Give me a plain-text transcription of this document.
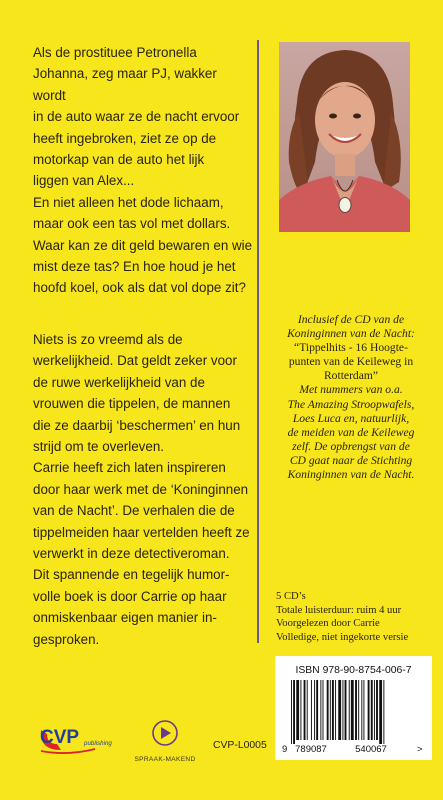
Als de prostituee Petronella

Johanna, zeg maar PJ, wakker wordt

in de auto waar ze de nacht ervoor

heeft ingebroken, ziet ze op de

motorkap van de auto het lijk

liggen van Alex...

En niet alleen het dode lichaam,

maar ook een tas vol met dollars.

Waar kan ze dit geld bewaren en wie

mist deze tas? En hoe houd je het

hoofd koel, ook als dat vol dope zit?

Niets is zo vreemd als de

werkelijkheid. Dat geldt zeker voor

de ruwe werkelijkheid van de

vrouwen die tippelen, de mannen

die ze daarbij ‘beschermen’ en hun

strijd om te overleven.

Carrie heeft zich laten inspireren

door haar werk met de ‘Koninginnen

van de Nacht’. De verhalen die de

tippelmeiden haar vertelden heeft ze

verwerkt in deze detectiveroman.

Dit spannende en tegelijk humor-

volle boek is door Carrie op haar

onmiskenbaar eigen manier in-

gesproken.

Inclusief de CD van de
Koninginnen van de Nacht:
“Tippelhits - 16 Hoogte-
punten van de Keileweg in
Rotterdam”
Met nummers van o.a.
The Amazing Stroopwafels,
Loes Luca en, natuurlijk,
de meiden van de Keileweg
zelf. De opbrengst van de
CD gaat naar de Stichting
Koninginnen van de Nacht.
5 CD’s
Totale luisterduur: ruim 4 uur
Voorgelezen door Carrie
Volledige, niet ingekorte versie
ISBN 978-90-8754-006-7
9 789087	540067	>
CVP publishing
SPRAAK-MAKEND
CVP-L0005
